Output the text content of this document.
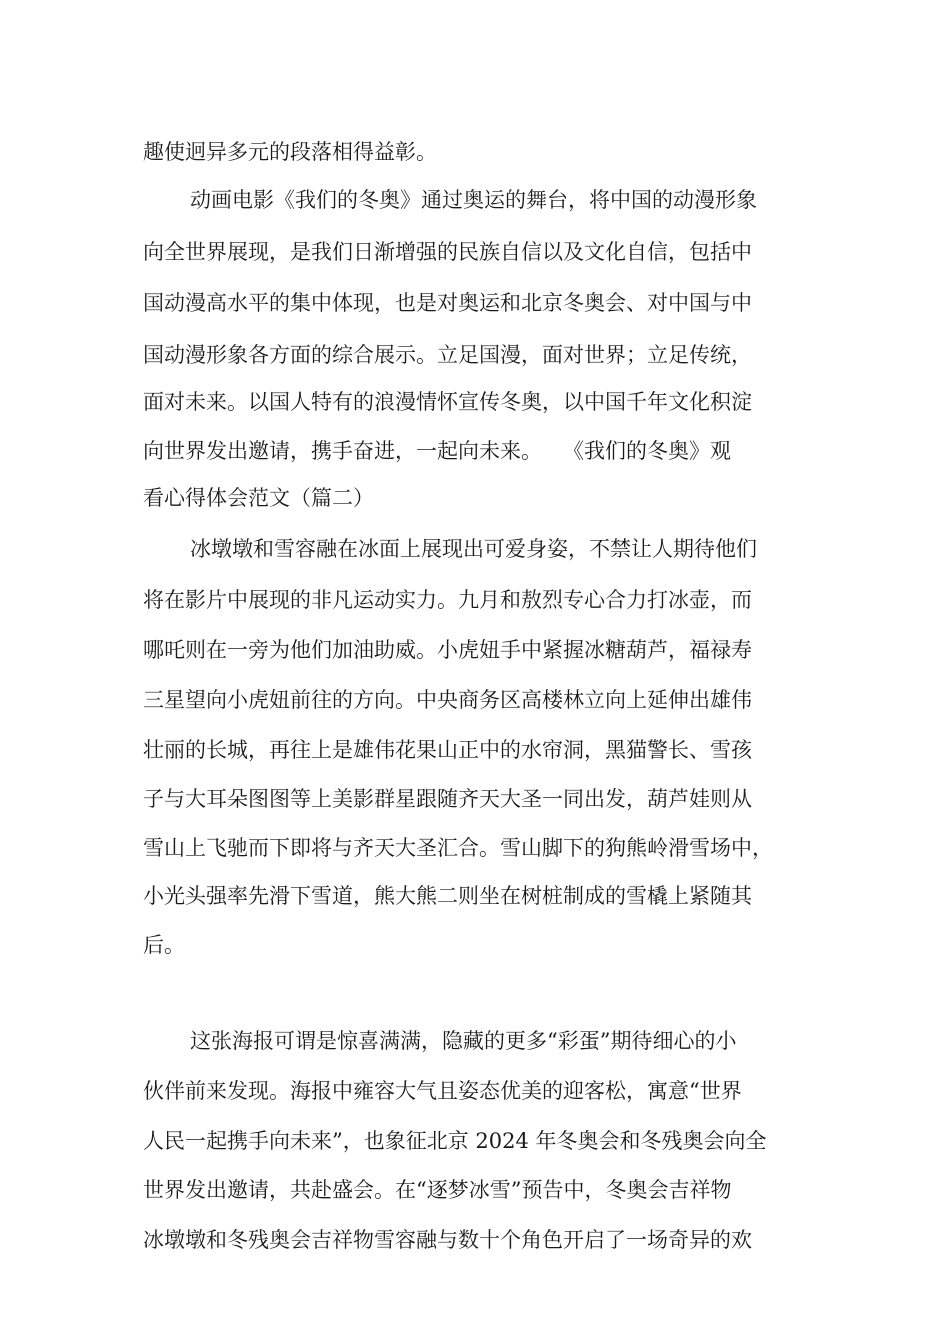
趣使迥异多元的段落相得益彰。

动画电影《我们的冬奥》通过奥运的舞台，将中国的动漫形象

向全世界展现，是我们日渐增强的民族自信以及文化自信，包括中

国动漫高水平的集中体现，也是对奥运和北京冬奥会、对中国与中

国动漫形象各方面的综合展示。立足国漫，面对世界；立足传统，

面对未来。以国人特有的浪漫情怀宣传冬奥，以中国千年文化积淀

向世界发出邀请，携手奋进，一起向未来。　　《我们的冬奥》观

看心得体会范文（篇二）

冰墩墩和雪容融在冰面上展现出可爱身姿，不禁让人期待他们

将在影片中展现的非凡运动实力。九月和敖烈专心合力打冰壶，而

哪吒则在一旁为他们加油助威。小虎妞手中紧握冰糖葫芦，福禄寿

三星望向小虎妞前往的方向。中央商务区高楼林立向上延伸出雄伟

壮丽的长城，再往上是雄伟花果山正中的水帘洞，黑猫警长、雪孩

子与大耳朵图图等上美影群星跟随齐天大圣一同出发，葫芦娃则从

雪山上飞驰而下即将与齐天大圣汇合。雪山脚下的狗熊岭滑雪场中，

小光头强率先滑下雪道，熊大熊二则坐在树桩制成的雪橇上紧随其

后。

这张海报可谓是惊喜满满，隐藏的更多“彩蛋”期待细心的小

伙伴前来发现。海报中雍容大气且姿态优美的迎客松，寓意“世界

人民一起携手向未来”，也象征北京 2024 年冬奥会和冬残奥会向全

世界发出邀请，共赴盛会。在“逐梦冰雪”预告中，冬奥会吉祥物

冰墩墩和冬残奥会吉祥物雪容融与数十个角色开启了一场奇异的欢
